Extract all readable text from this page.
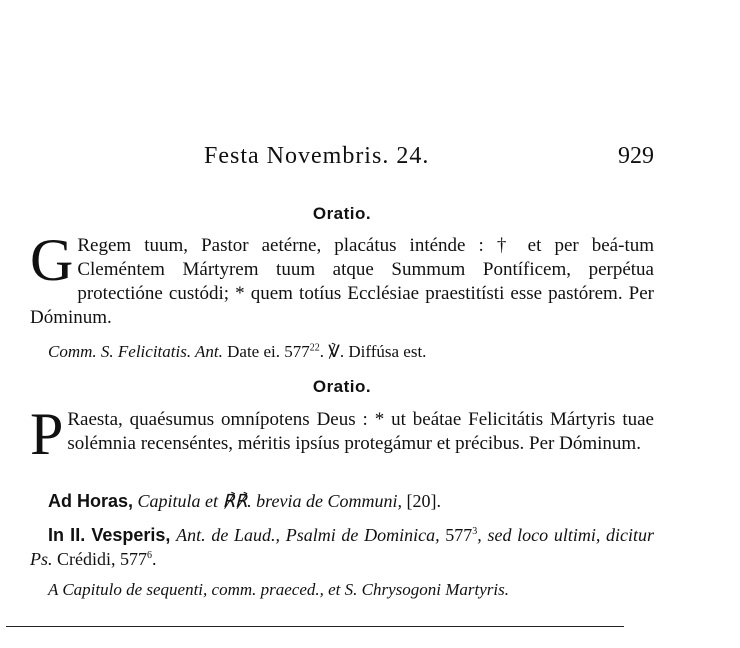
Festa Novembris. 24.	929
Oratio.
G Regem tuum, Pastor aetérne, placátus inténde : † et per beá-tum Cleméntem Mártyrem tuum atque Summum Pontíficem, perpétua protectióne custódi; * quem totíus Ecclésiae praestitísti esse pastórem. Per Dóminum.
Comm. S. Felicitatis. Ant. Date ei. $577^{22}$. ℣. Diffúsa est.
Oratio.
P Raesta, quaésumus omnípotens Deus : * ut beátae Felicitátis Mártyris tuae solémnia recenséntes, méritis ipsíus protegámur et précibus. Per Dóminum.
Ad Horas, Capitula et ℟℟. brevia de Communi, [20].
In II. Vesperis, Ant. de Laud., Psalmi de Dominica, $577^3$, sed loco ultimi, dicitur Ps. Crédidi, $577^6$.
A Capitulo de sequenti, comm. praeced., et S. Chrysogoni Martyris.
